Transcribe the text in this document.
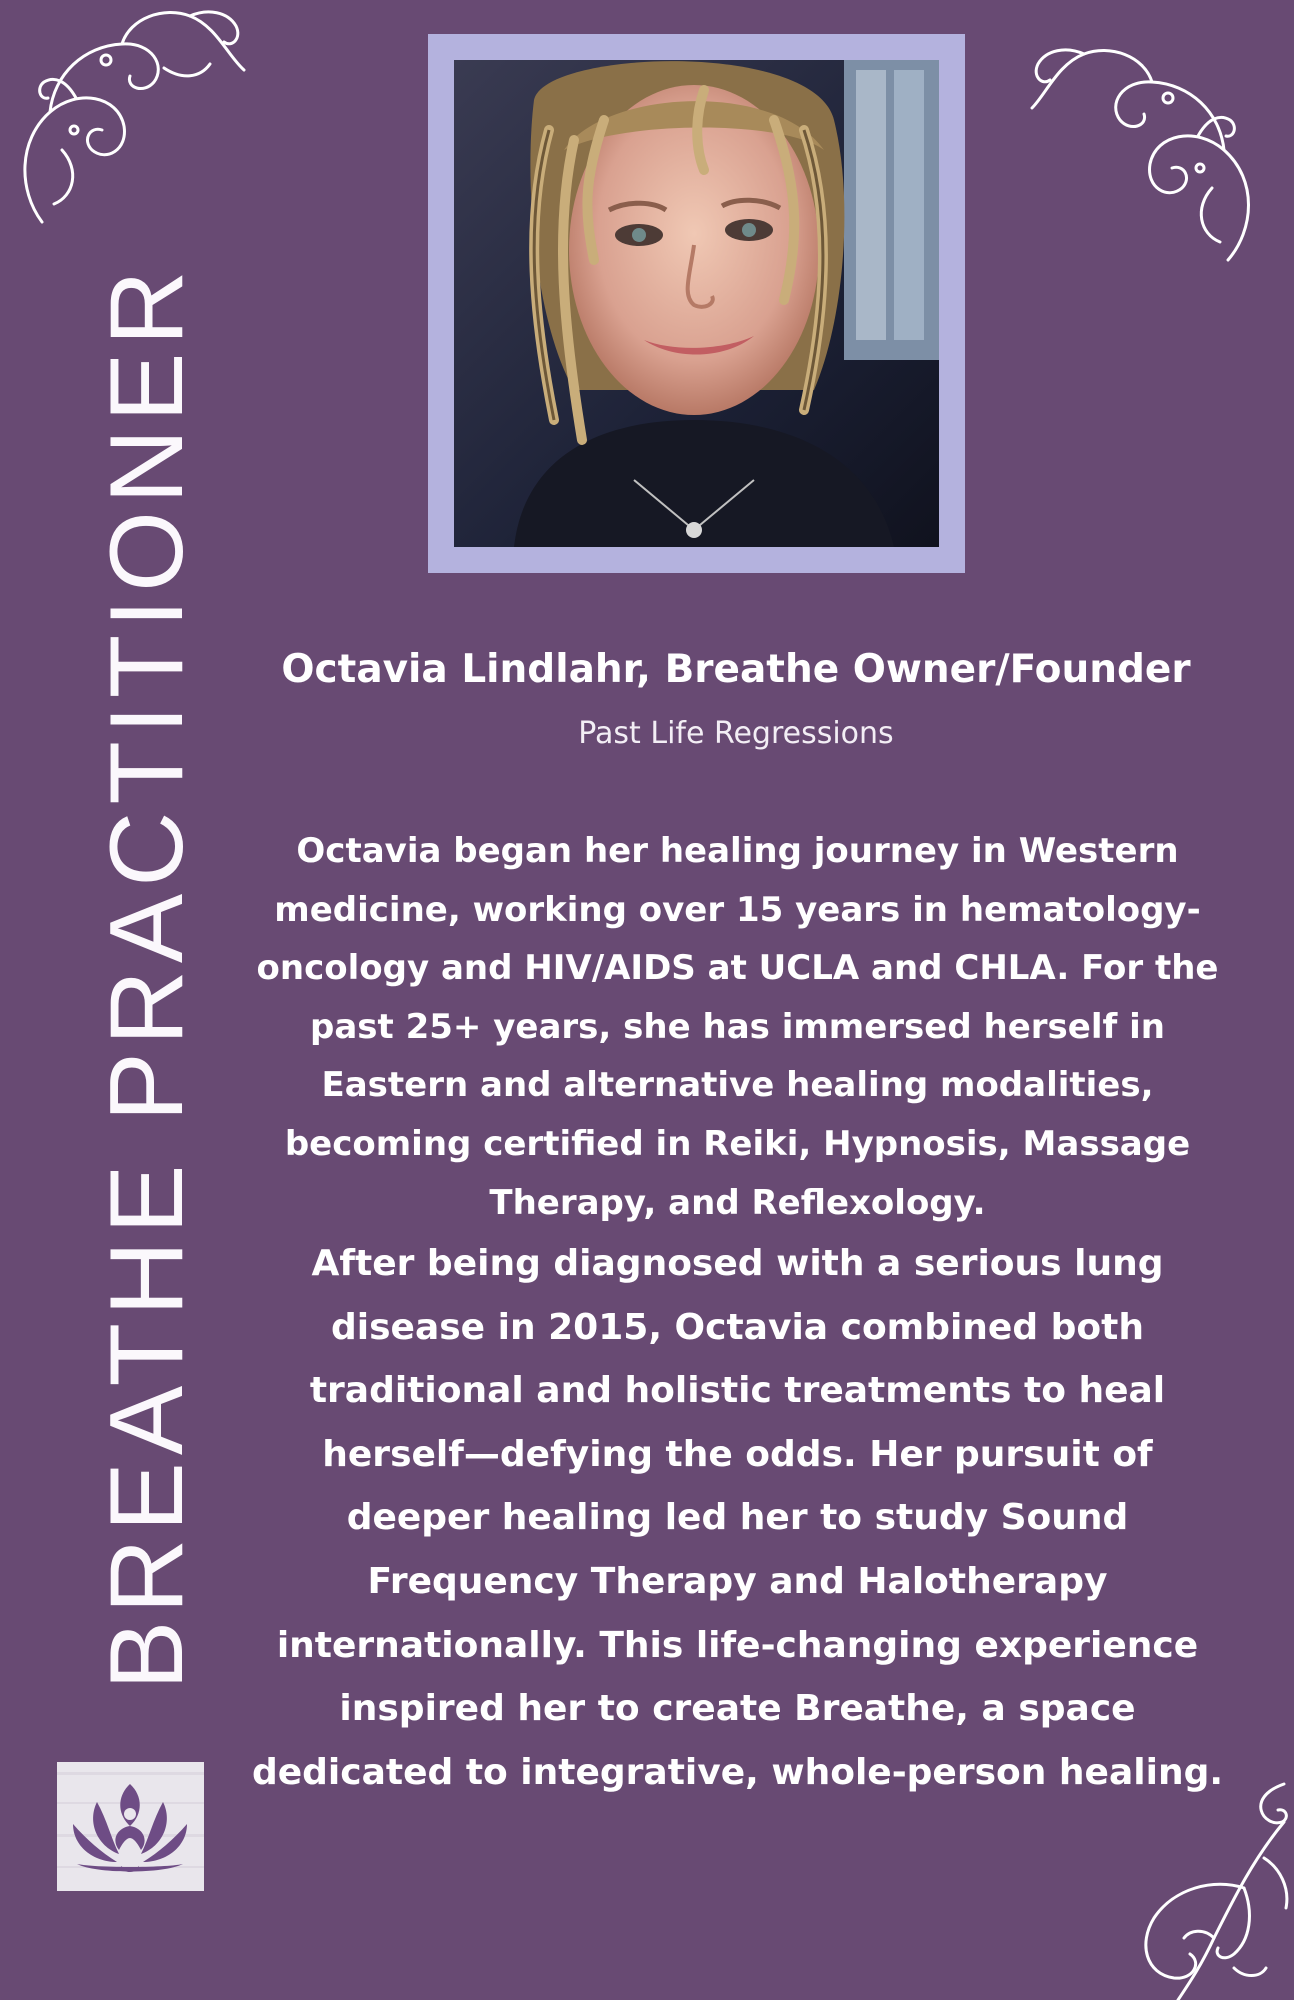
BREATHE PRACTITIONER	Octavia Lindlahr, Breathe Owner/Founder
Past Life Regressions
Octavia began her healing journey in Western medicine, working over 15 years in hematology-oncology and HIV/AIDS at UCLA and CHLA. For the past 25+ years, she has immersed herself in Eastern and alternative healing modalities, becoming certified in Reiki, Hypnosis, Massage Therapy, and Reflexology.
After being diagnosed with a serious lung disease in 2015, Octavia combined both traditional and holistic treatments to heal herself—defying the odds. Her pursuit of deeper healing led her to study Sound Frequency Therapy and Halotherapy internationally. This life-changing experience inspired her to create Breathe, a space dedicated to integrative, whole-person healing.
